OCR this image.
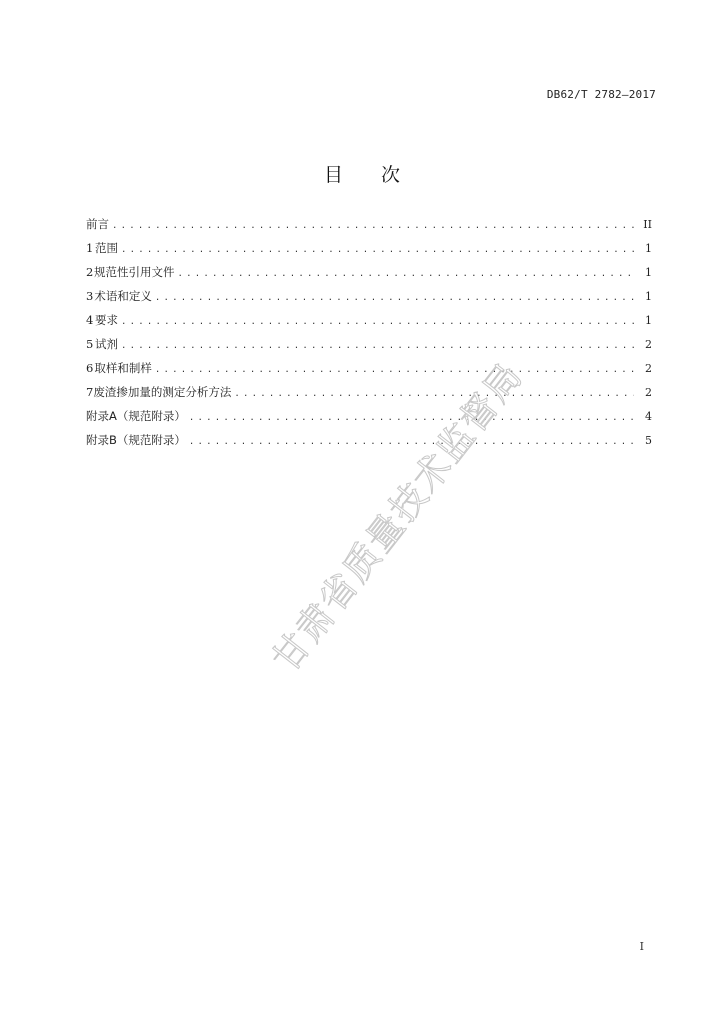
DB62/T 2782—2017
目 次
前言 . . .	II
1 范围 . . .	1
2 规范性引用文件 . . .	1
3 术语和定义 . . .	1
4 要求 . . .	1
5 试剂 . . .	2
6 取样和制样 . . .	2
7 废渣掺加量的测定分析方法 . . .	2
附录A（规范附录） . . .	4
附录B（规范附录） . . .	5
甘肃省质量技术监督局
I
